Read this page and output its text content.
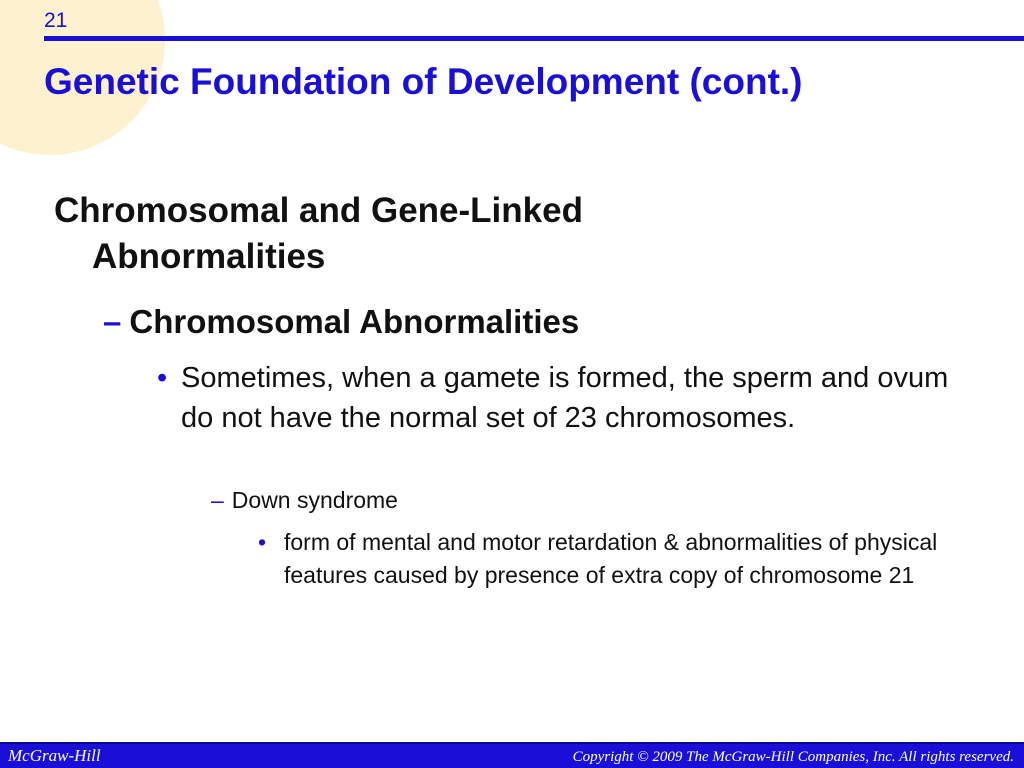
21
Genetic Foundation of Development (cont.)

Chromosomal and Gene-Linked Abnormalities

– Chromosomal Abnormalities

• Sometimes, when a gamete is formed, the sperm and ovum do not have the normal set of 23 chromosomes.

– Down syndrome

• form of mental and motor retardation & abnormalities of physical features caused by presence of extra copy of chromosome 21

McGraw-Hill	Copyright © 2009 The McGraw-Hill Companies, Inc. All rights reserved.
